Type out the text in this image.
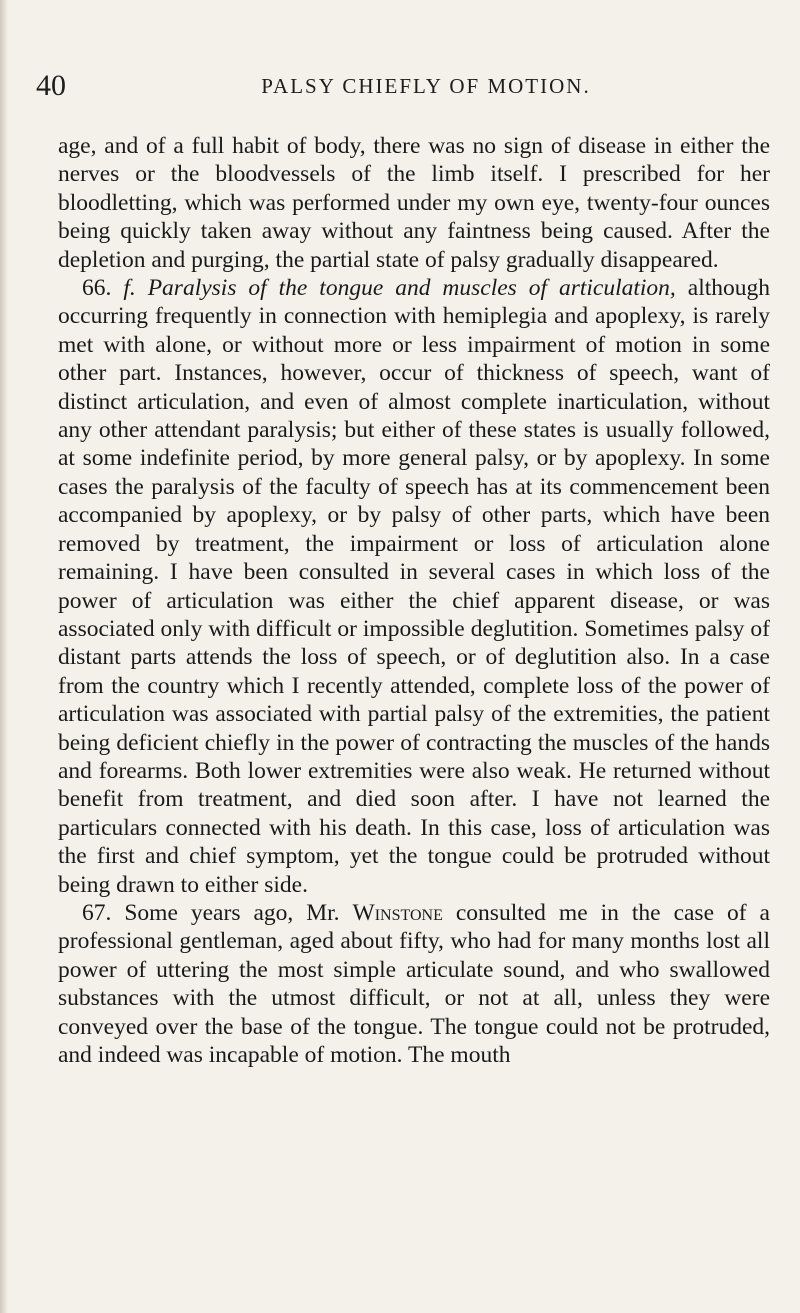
40	PALSY CHIEFLY OF MOTION.

age, and of a full habit of body, there was no sign of disease in either the nerves or the bloodvessels of the limb itself. I prescribed for her bloodletting, which was performed under my own eye, twenty-four ounces being quickly taken away without any faintness being caused. After the depletion and purging, the partial state of palsy gradually disappeared.

66. f. Paralysis of the tongue and muscles of articulation, although occurring frequently in connection with hemiplegia and apoplexy, is rarely met with alone, or without more or less impairment of motion in some other part. Instances, however, occur of thickness of speech, want of distinct articulation, and even of almost complete inarticulation, without any other attendant paralysis; but either of these states is usually followed, at some indefinite period, by more general palsy, or by apoplexy. In some cases the paralysis of the faculty of speech has at its commencement been accompanied by apoplexy, or by palsy of other parts, which have been removed by treatment, the impairment or loss of articulation alone remaining. I have been consulted in several cases in which loss of the power of articulation was either the chief apparent disease, or was associated only with difficult or impossible deglutition. Sometimes palsy of distant parts attends the loss of speech, or of deglutition also. In a case from the country which I recently attended, complete loss of the power of articulation was associated with partial palsy of the extremities, the patient being deficient chiefly in the power of contracting the muscles of the hands and forearms. Both lower extremities were also weak. He returned without benefit from treatment, and died soon after. I have not learned the particulars connected with his death. In this case, loss of articulation was the first and chief symptom, yet the tongue could be protruded without being drawn to either side.

67. Some years ago, Mr. Winstone consulted me in the case of a professional gentleman, aged about fifty, who had for many months lost all power of uttering the most simple articulate sound, and who swallowed substances with the utmost difficult, or not at all, unless they were conveyed over the base of the tongue. The tongue could not be protruded, and indeed was incapable of motion. The mouth
